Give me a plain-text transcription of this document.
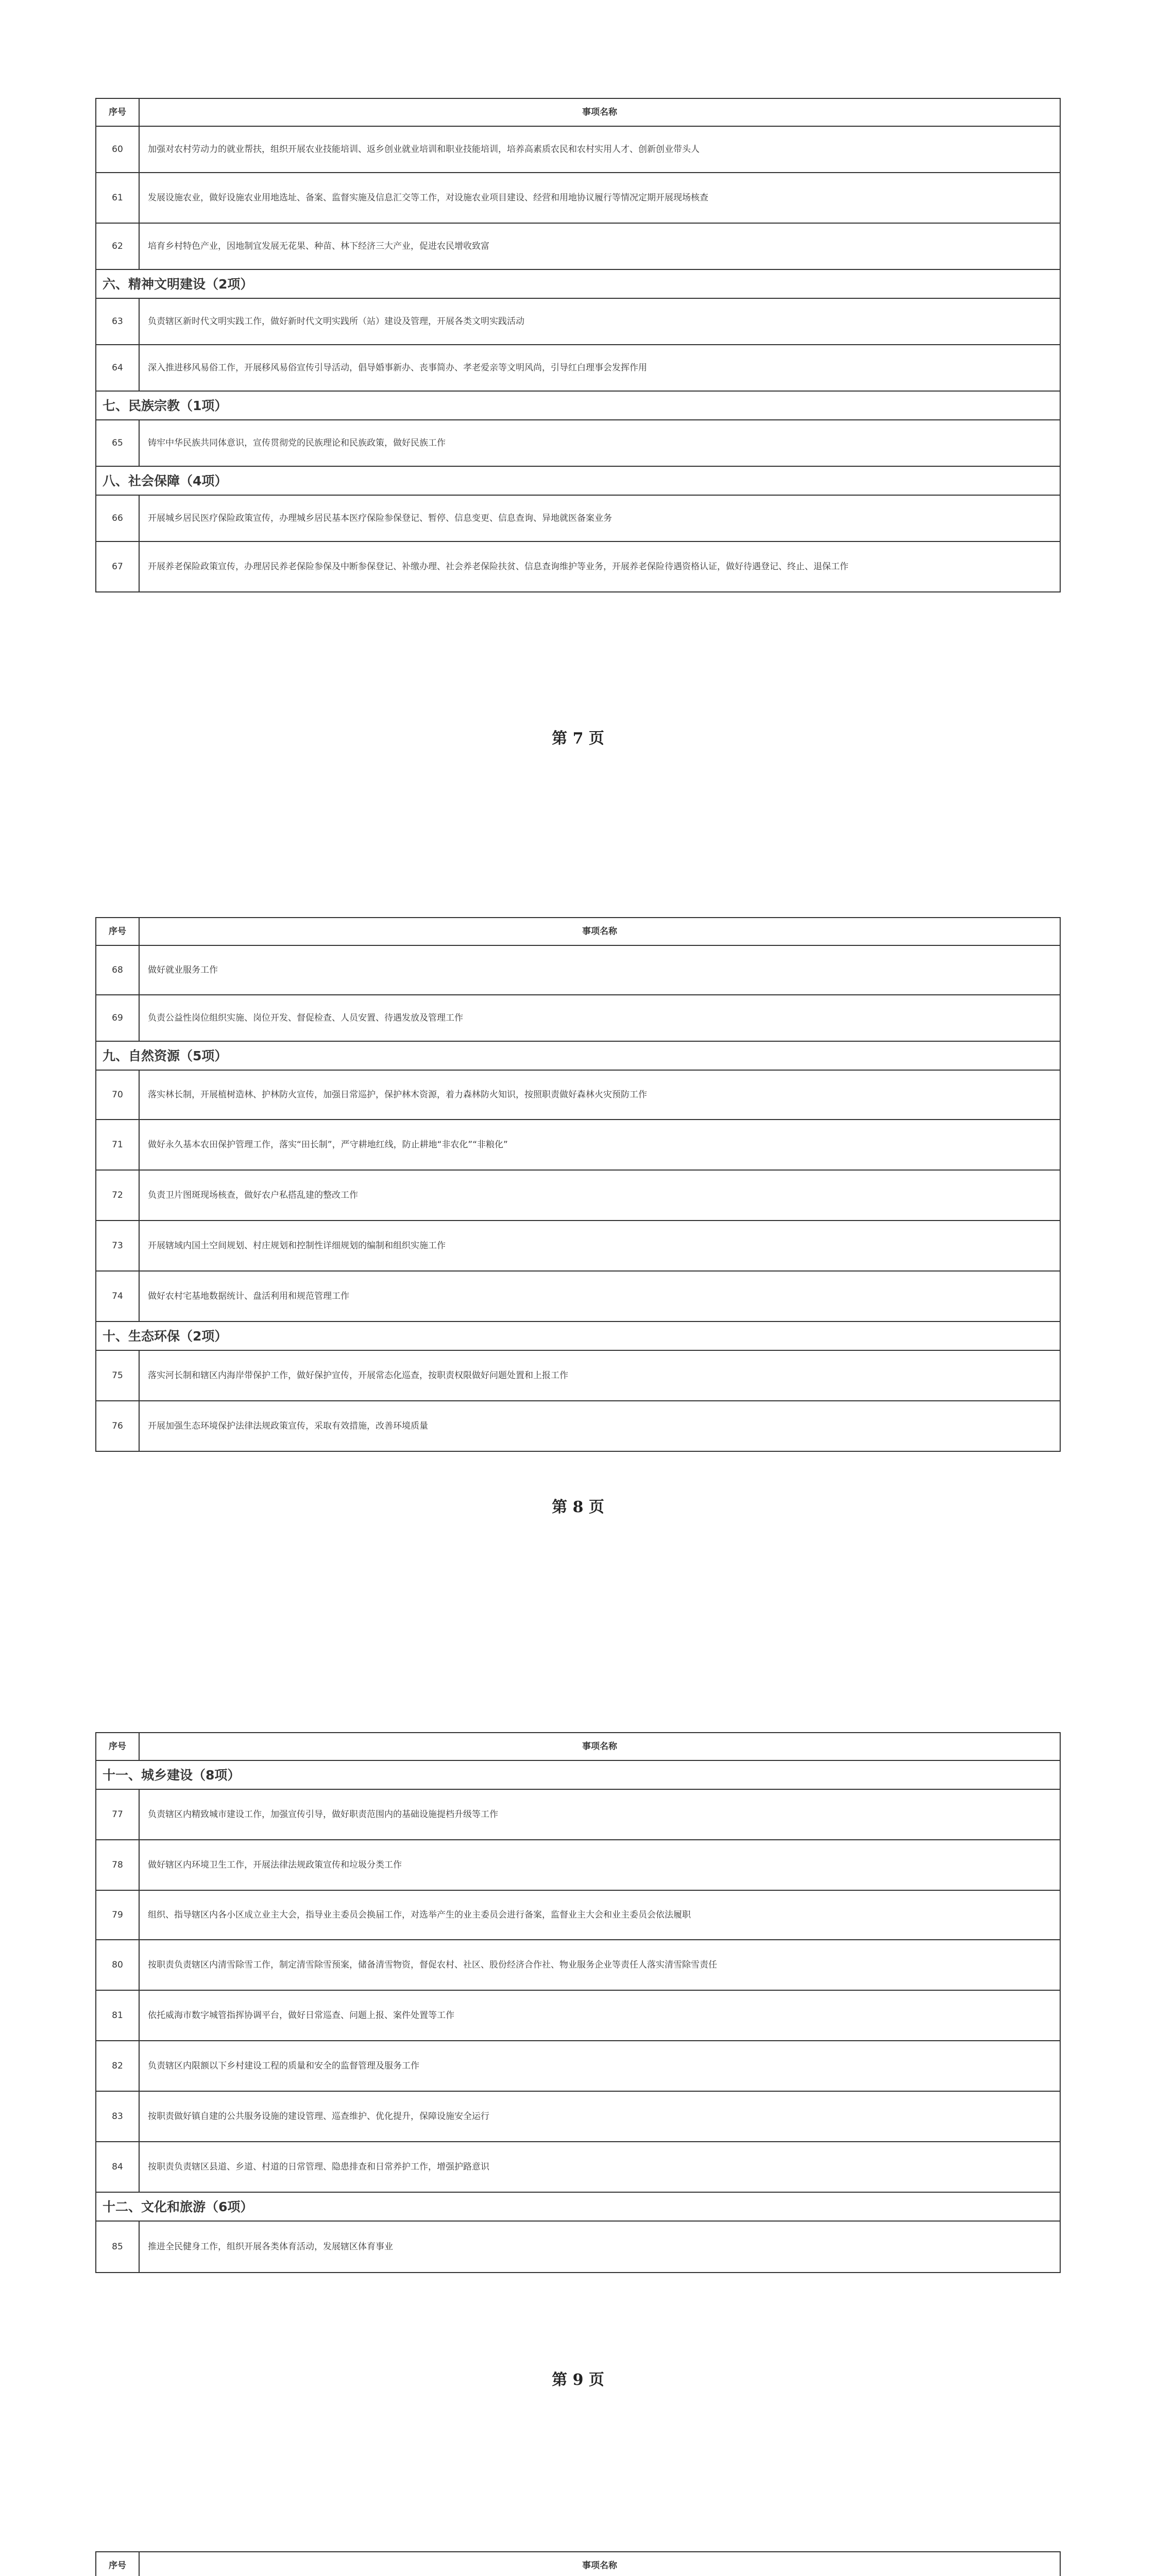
序号	事项名称
60	加强对农村劳动力的就业帮扶，组织开展农业技能培训、返乡创业就业培训和职业技能培训，培养高素质农民和农村实用人才、创新创业带头人
61	发展设施农业，做好设施农业用地选址、备案、监督实施及信息汇交等工作，对设施农业项目建设、经营和用地协议履行等情况定期开展现场核查
62	培育乡村特色产业，因地制宜发展无花果、种苗、林下经济三大产业，促进农民增收致富
六、精神文明建设（2项）	
63	负责辖区新时代文明实践工作，做好新时代文明实践所（站）建设及管理，开展各类文明实践活动
64	深入推进移风易俗工作，开展移风易俗宣传引导活动，倡导婚事新办、丧事简办、孝老爱亲等文明风尚，引导红白理事会发挥作用
七、民族宗教（1项）	
65	铸牢中华民族共同体意识，宣传贯彻党的民族理论和民族政策，做好民族工作
八、社会保障（4项）	
66	开展城乡居民医疗保险政策宣传，办理城乡居民基本医疗保险参保登记、暂停、信息变更、信息查询、异地就医备案业务
67	开展养老保险政策宣传，办理居民养老保险参保及中断参保登记、补缴办理、社会养老保险扶贫、信息查询维护等业务，开展养老保险待遇资格认证，做好待遇登记、终止、退保工作
第 7 页
序号	事项名称
68	做好就业服务工作
69	负责公益性岗位组织实施、岗位开发、督促检查、人员安置、待遇发放及管理工作
九、自然资源（5项）	
70	落实林长制，开展植树造林、护林防火宣传，加强日常巡护，保护林木资源，着力森林防火知识，按照职责做好森林火灾预防工作
71	做好永久基本农田保护管理工作，落实“田长制”，严守耕地红线，防止耕地“非农化”“非粮化”
72	负责卫片图斑现场核查，做好农户私搭乱建的整改工作
73	开展辖域内国土空间规划、村庄规划和控制性详细规划的编制和组织实施工作
74	做好农村宅基地数据统计、盘活利用和规范管理工作
十、生态环保（2项）	
75	落实河长制和辖区内海岸带保护工作，做好保护宣传，开展常态化巡查，按职责权限做好问题处置和上报工作
76	开展加强生态环境保护法律法规政策宣传，采取有效措施，改善环境质量
第 8 页
序号	事项名称
十一、城乡建设（8项）	
77	负责辖区内精致城市建设工作，加强宣传引导，做好职责范围内的基础设施提档升级等工作
78	做好辖区内环境卫生工作，开展法律法规政策宣传和垃圾分类工作
79	组织、指导辖区内各小区成立业主大会，指导业主委员会换届工作，对选举产生的业主委员会进行备案，监督业主大会和业主委员会依法履职
80	按职责负责辖区内清雪除雪工作，制定清雪除雪预案，储备清雪物资，督促农村、社区、股份经济合作社、物业服务企业等责任人落实清雪除雪责任
81	依托威海市数字城管指挥协调平台，做好日常巡查、问题上报、案件处置等工作
82	负责辖区内限额以下乡村建设工程的质量和安全的监督管理及服务工作
83	按职责做好镇自建的公共服务设施的建设管理、巡查维护、优化提升，保障设施安全运行
84	按职责负责辖区县道、乡道、村道的日常管理、隐患排查和日常养护工作，增强护路意识
十二、文化和旅游（6项）	
85	推进全民健身工作，组织开展各类体育活动，发展辖区体育事业
第 9 页
序号	事项名称
